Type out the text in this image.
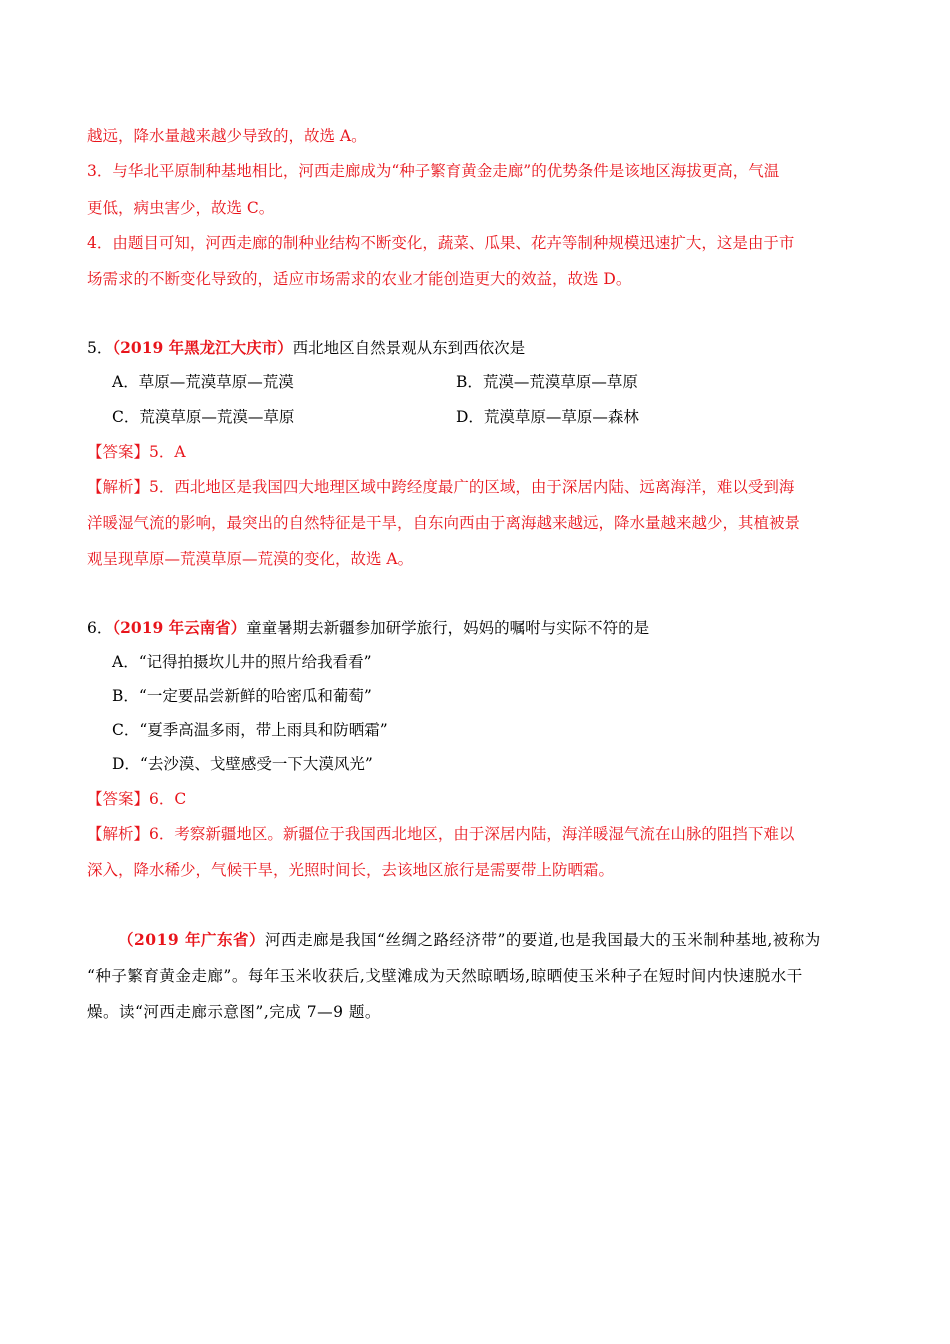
越远，降水量越来越少导致的，故选 A。
3．与华北平原制种基地相比，河西走廊成为“种子繁育黄金走廊”的优势条件是该地区海拔更高，气温
更低，病虫害少，故选 C。
4．由题目可知，河西走廊的制种业结构不断变化，蔬菜、瓜果、花卉等制种规模迅速扩大，这是由于市
场需求的不断变化导致的，适应市场需求的农业才能创造更大的效益，故选 D。
5．（2019 年黑龙江大庆市）西北地区自然景观从东到西依次是
A．草原—荒漠草原—荒漠	B．荒漠—荒漠草原—草原
C．荒漠草原—荒漠—草原	D．荒漠草原—草原—森林
【答案】5．A
【解析】5．西北地区是我国四大地理区域中跨经度最广的区域，由于深居内陆、远离海洋，难以受到海
洋暖湿气流的影响，最突出的自然特征是干旱，自东向西由于离海越来越远，降水量越来越少，其植被景
观呈现草原—荒漠草原—荒漠的变化，故选 A。
6．（2019 年云南省）童童暑期去新疆参加研学旅行，妈妈的嘱咐与实际不符的是
A．“记得拍摄坎儿井的照片给我看看”
B．“一定要品尝新鲜的哈密瓜和葡萄”
C．“夏季高温多雨，带上雨具和防晒霜”
D．“去沙漠、戈壁感受一下大漠风光”
【答案】6．C
【解析】6．考察新疆地区。新疆位于我国西北地区，由于深居内陆，海洋暖湿气流在山脉的阻挡下难以
深入，降水稀少，气候干旱，光照时间长，去该地区旅行是需要带上防晒霜。
（2019 年广东省）河西走廊是我国“丝绸之路经济带”的要道,也是我国最大的玉米制种基地,被称为
“种子繁育黄金走廊”。每年玉米收获后,戈壁滩成为天然晾晒场,晾晒使玉米种子在短时间内快速脱水干
燥。读“河西走廊示意图”,完成 7—9 题。
